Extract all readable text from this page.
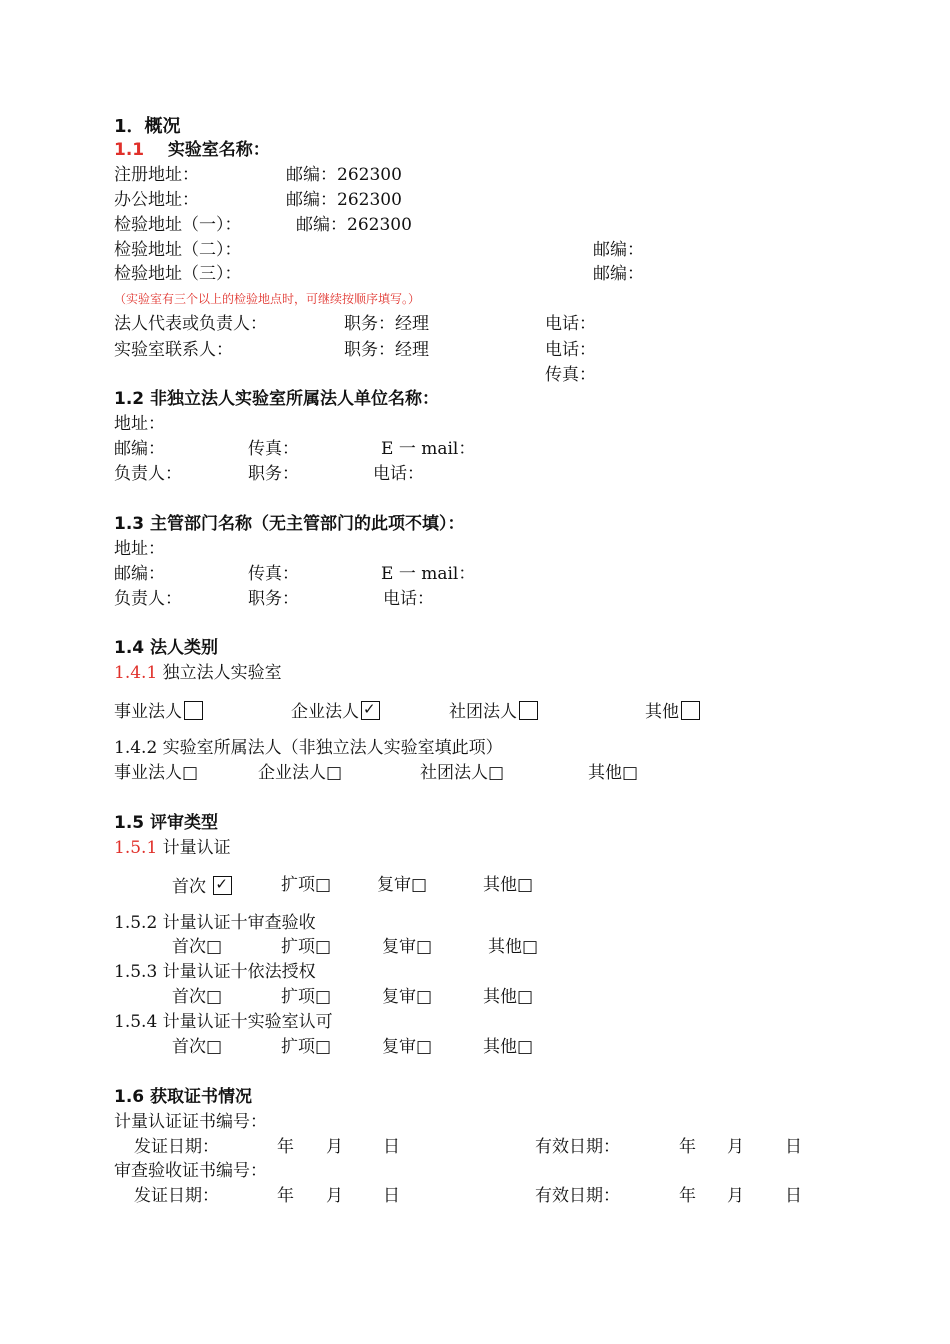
1．概况
1.1 实验室名称：
注册地址：	邮编：262300
办公地址：	邮编：262300
检验地址（一）：	邮编：262300
检验地址（二）：	邮编：
检验地址（三）：	邮编：
（实验室有三个以上的检验地点时，可继续按顺序填写。）
法人代表或负责人：	职务：经理	电话：
实验室联系人：	职务：经理	电话：
传真：
1.2 非独立法人实验室所属法人单位名称：
地址：
邮编：	传真：	E 一 mail：
负责人：	职务：	电话：
1.3 主管部门名称（无主管部门的此项不填）：
地址：
邮编：	传真：	E 一 mail：
负责人：	职务：	电话：
1.4 法人类别
1.4.1 独立法人实验室
事业法人	企业法人 ✓	社团法人	其他
1.4.2 实验室所属法人（非独立法人实验室填此项）
事业法人□	企业法人□	社团法人□	其他□
1.5 评审类型
1.5.1 计量认证
首次 ✓	扩项□	复审□	其他□
1.5.2 计量认证十审查验收
首次□	扩项□	复审□	其他□
1.5.3 计量认证十依法授权
首次□	扩项□	复审□	其他□
1.5.4 计量认证十实验室认可
首次□	扩项□	复审□	其他□
1.6 获取证书情况
计量认证证书编号：
发证日期：	年 月 日	有效日期：	年 月 日
审查验收证书编号：
发证日期：	年 月 日	有效日期：	年 月 日
